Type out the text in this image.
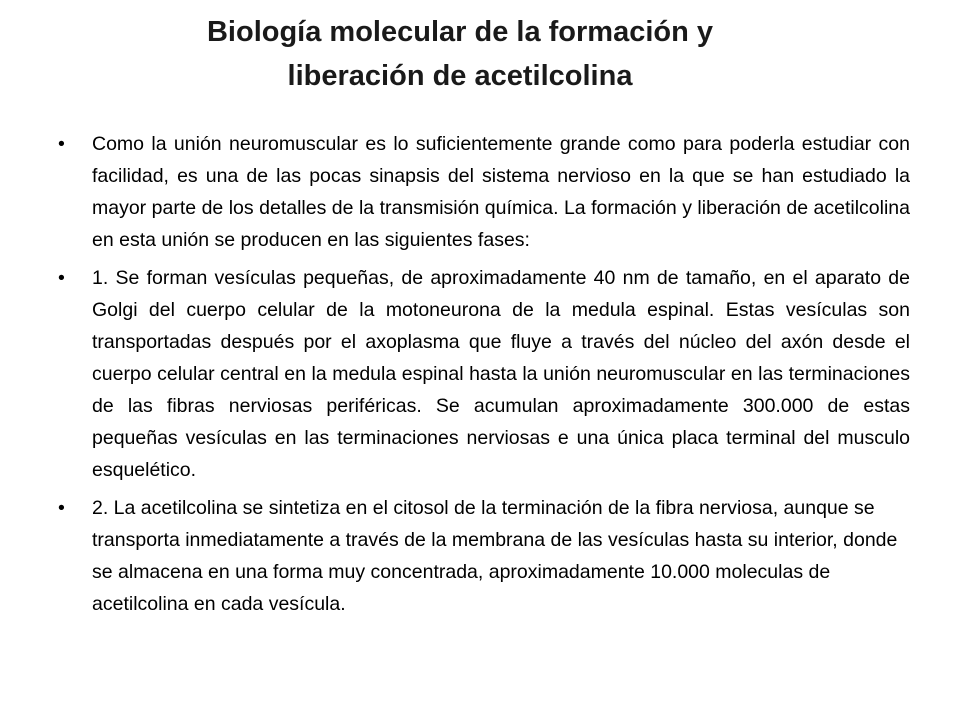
Biología molecular de la formación y
liberación de acetilcolina
•	Como la unión neuromuscular es lo suficientemente grande como para poderla estudiar con facilidad, es una de las pocas sinapsis del sistema nervioso en la que se han estudiado la mayor parte de los detalles de la transmisión química. La formación y liberación de acetilcolina en esta unión se producen en las siguientes fases:
•	1. Se forman vesículas pequeñas, de aproximadamente 40 nm de tamaño, en el aparato de Golgi del cuerpo celular de la motoneurona de la medula espinal. Estas vesículas son transportadas después por el axoplasma que fluye a través del núcleo del axón desde el cuerpo celular central en la medula espinal hasta la unión neuromuscular en las terminaciones de las fibras nerviosas periféricas. Se acumulan aproximadamente 300.000 de estas pequeñas vesículas en las terminaciones nerviosas e una única placa terminal del musculo esquelético.
•	2. La acetilcolina se sintetiza en el citosol de la terminación de la fibra nerviosa, aunque se transporta inmediatamente a través de la membrana de las vesículas hasta su interior, donde se almacena en una forma muy concentrada, aproximadamente 10.000 moleculas de acetilcolina en cada vesícula.
